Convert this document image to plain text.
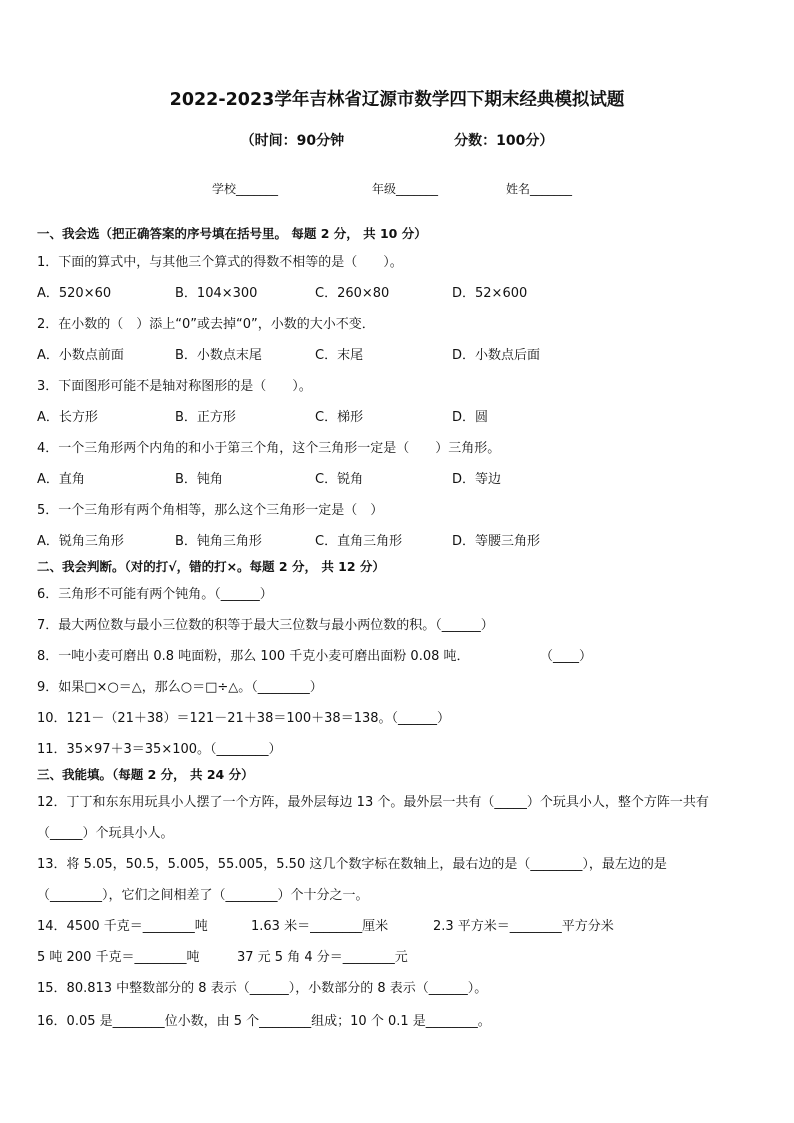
2022-2023学年吉林省辽源市数学四下期末经典模拟试题
（时间：90分钟	分数：100分）
学校_______	年级_______	姓名_______
一、我会选（把正确答案的序号填在括号里。 每题 2 分， 共 10 分）
1．下面的算式中，与其他三个算式的得数不相等的是（　　）。
A．520×60	B．104×300	C．260×80	D．52×600
2．在小数的（　）添上“0”或去掉“0”，小数的大小不变．
A．小数点前面	B．小数点末尾	C．末尾	D．小数点后面
3．下面图形可能不是轴对称图形的是（　　）。
A．长方形	B．正方形	C．梯形	D．圆
4．一个三角形两个内角的和小于第三个角，这个三角形一定是（　　）三角形。
A．直角	B．钝角	C．锐角	D．等边
5．一个三角形有两个角相等，那么这个三角形一定是（　）
A．锐角三角形	B．钝角三角形	C．直角三角形	D．等腰三角形
二、我会判断。（对的打√，错的打×。每题 2 分， 共 12 分）
6．三角形不可能有两个钝角。（______）
7．最大两位数与最小三位数的积等于最大三位数与最小两位数的积。（______）
8．一吨小麦可磨出 0.8 吨面粉，那么 100 千克小麦可磨出面粉 0.08 吨．	（____）
9．如果□×○＝△，那么○＝□÷△。（________）
10．121－（21＋38）＝121－21＋38＝100＋38＝138。（______）
11．35×97＋3＝35×100。（________）
三、我能填。（每题 2 分， 共 24 分）
12．丁丁和东东用玩具小人摆了一个方阵，最外层每边 13 个。最外层一共有（_____）个玩具小人，整个方阵一共有
（_____）个玩具小人。
13．将 5.05，50.5，5.005，55.005，5.50 这几个数字标在数轴上，最右边的是（________），最左边的是
（________），它们之间相差了（________）个十分之一。
14．4500 千克＝________吨	1.63 米＝________厘米	2.3 平方米＝________平方分米
5 吨 200 千克＝________吨	37 元 5 角 4 分＝________元
15．80.813 中整数部分的 8 表示（______），小数部分的 8 表示（______）。
16．0.05 是________位小数，由 5 个________组成；10 个 0.1 是________。
